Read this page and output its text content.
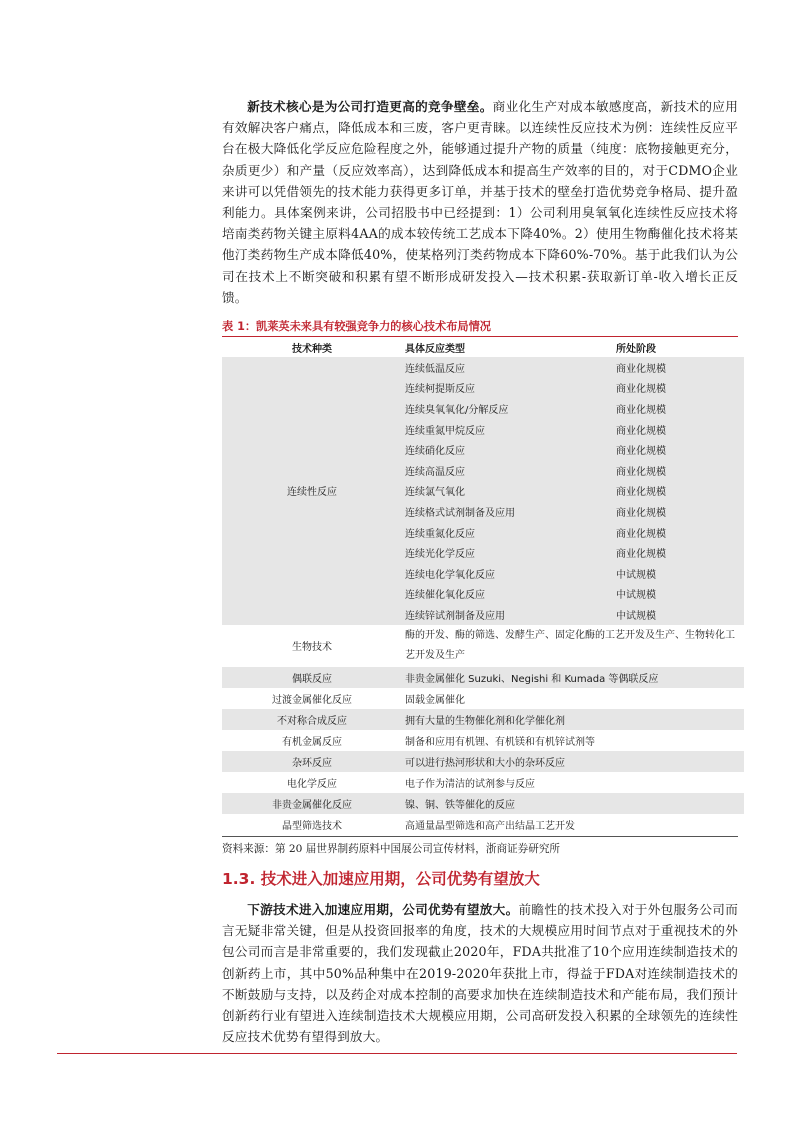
新技术核心是为公司打造更高的竞争壁垒。商业化生产对成本敏感度高，新技术的应用有效解决客户痛点，降低成本和三废，客户更青睐。以连续性反应技术为例：连续性反应平台在极大降低化学反应危险程度之外，能够通过提升产物的质量（纯度：底物接触更充分，杂质更少）和产量（反应效率高），达到降低成本和提高生产效率的目的，对于CDMO企业来讲可以凭借领先的技术能力获得更多订单，并基于技术的壁垒打造优势竞争格局、提升盈利能力。具体案例来讲，公司招股书中已经提到：1）公司利用臭氧氧化连续性反应技术将培南类药物关键主原料4AA的成本较传统工艺成本下降40%。2）使用生物酶催化技术将某他汀类药物生产成本降低40%，使某格列汀类药物成本下降60%-70%。基于此我们认为公司在技术上不断突破和积累有望不断形成研发投入—技术积累-获取新订单-收入增长正反馈。

表 1：凯莱英未来具有较强竞争力的核心技术布局情况
技术种类	具体反应类型	所处阶段
连续性反应	连续低温反应	商业化规模
	连续柯提斯反应	商业化规模
	连续臭氧氧化/分解反应	商业化规模
	连续重氮甲烷反应	商业化规模
	连续硝化反应	商业化规模
	连续高温反应	商业化规模
	连续氯气氧化	商业化规模
	连续格式试剂制备及应用	商业化规模
	连续重氮化反应	商业化规模
	连续光化学反应	商业化规模
	连续电化学氧化反应	中试规模
	连续催化氧化反应	中试规模
	连续锌试剂制备及应用	中试规模
生物技术	酶的开发、酶的筛选、发酵生产、固定化酶的工艺开发及生产、生物转化工艺开发及生产	
偶联反应	非贵金属催化 Suzuki、Negishi 和 Kumada 等偶联反应	
过渡金属催化反应	固载金属催化	
不对称合成反应	拥有大量的生物催化剂和化学催化剂	
有机金属反应	制备和应用有机锂、有机镁和有机锌试剂等	
杂环反应	可以进行热河形状和大小的杂环反应	
电化学反应	电子作为清洁的试剂参与反应	
非贵金属催化反应	镍、铜、铁等催化的反应	
晶型筛选技术	高通量晶型筛选和高产出结晶工艺开发	
资料来源：第 20 届世界制药原料中国展公司宣传材料，浙商证券研究所
1.3. 技术进入加速应用期，公司优势有望放大

下游技术进入加速应用期，公司优势有望放大。前瞻性的技术投入对于外包服务公司而言无疑非常关键，但是从投资回报率的角度，技术的大规模应用时间节点对于重视技术的外包公司而言是非常重要的，我们发现截止2020年，FDA共批准了10个应用连续制造技术的创新药上市，其中50%品种集中在2019-2020年获批上市，得益于FDA对连续制造技术的不断鼓励与支持，以及药企对成本控制的高要求加快在连续制造技术和产能布局，我们预计创新药行业有望进入连续制造技术大规模应用期，公司高研发投入积累的全球领先的连续性反应技术优势有望得到放大。
